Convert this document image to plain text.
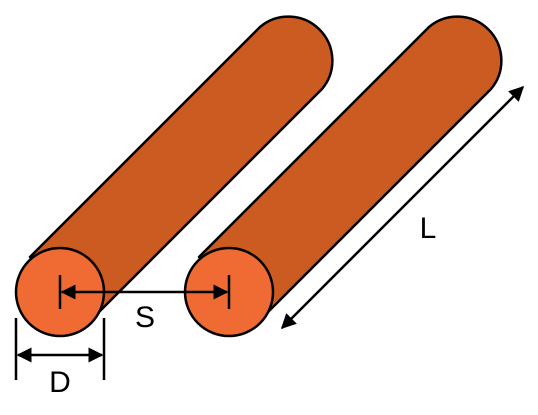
S
D
L
